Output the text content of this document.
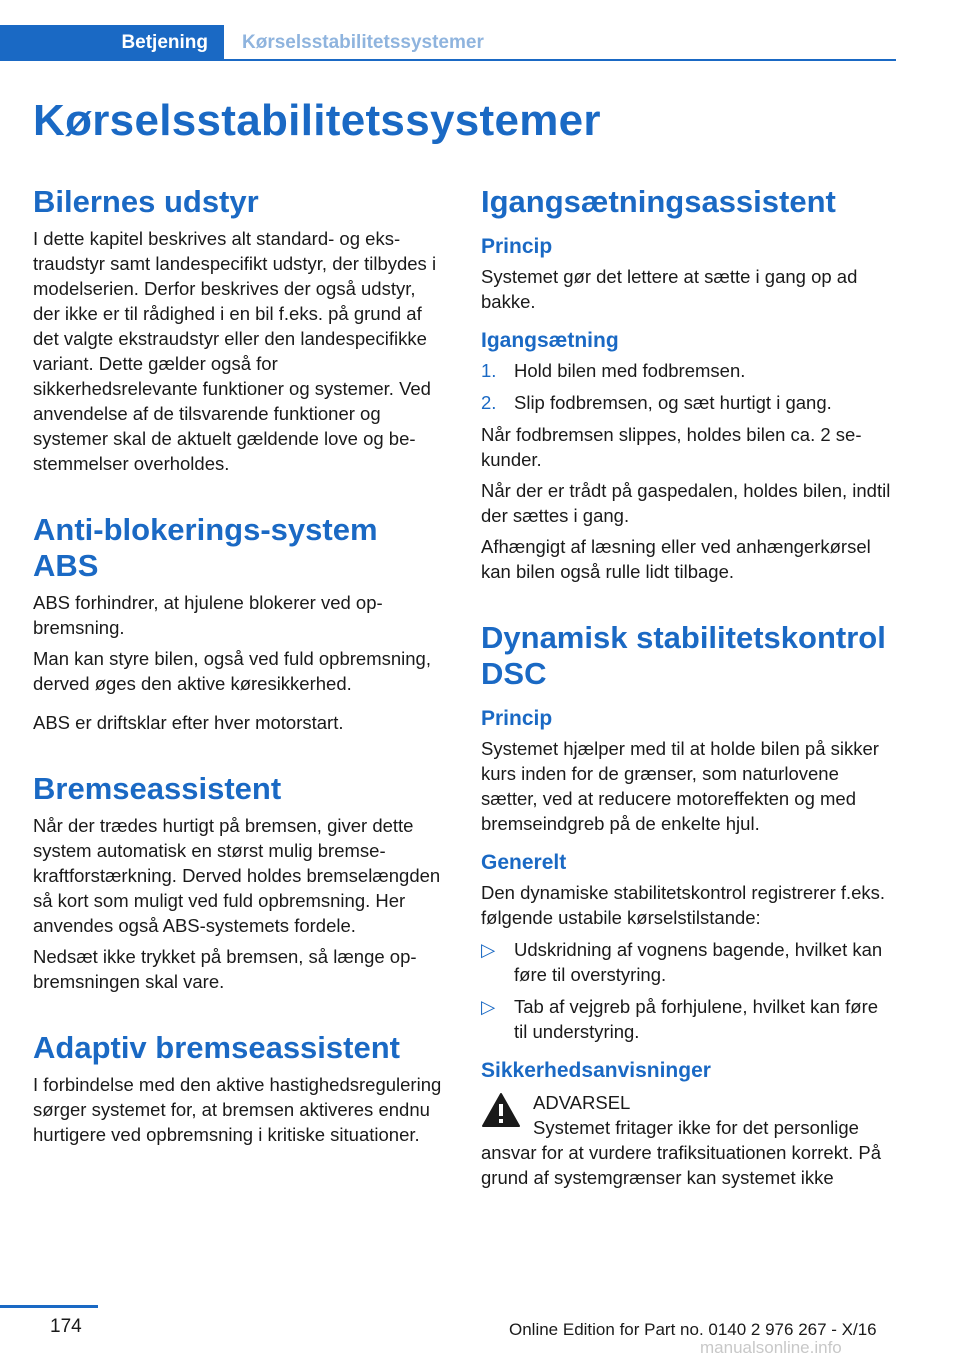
Betjening Kørselsstabilitetssystemer
Kørselsstabilitetssystemer
Bilernes udstyr

I dette kapitel beskrives alt standard- og ekstraudstyr samt landespecifikt udstyr, der tilbydes i modelserien. Derfor beskrives der også udstyr, der ikke er til rådighed i en bil f.eks. på grund af det valgte ekstraudstyr eller den landespecifikke variant. Dette gælder også for sikkerhedsrelevante funktioner og systemer. Ved anvendelse af de tilsvarende funktioner og systemer skal de aktuelt gældende love og bestemmelser overholdes.

Anti-blokerings-system ABS

ABS forhindrer, at hjulene blokerer ved opbremsning.

Man kan styre bilen, også ved fuld opbremsning, derved øges den aktive køresikkerhed.

ABS er driftsklar efter hver motorstart.

Bremseassistent

Når der trædes hurtigt på bremsen, giver dette system automatisk en størst mulig bremsekraftforstærkning. Derved holdes bremselængden så kort som muligt ved fuld opbremsning. Her anvendes også ABS-systemets fordele.

Nedsæt ikke trykket på bremsen, så længe opbremsningen skal vare.

Adaptiv bremseassistent

I forbindelse med den aktive hastighedsregulering sørger systemet for, at bremsen aktiveres endnu hurtigere ved opbremsning i kritiske situationer.

Igangsætningsassistent
Princip

Systemet gør det lettere at sætte i gang op ad bakke.

Igangsætning
1. Hold bilen med fodbremsen.
2. Slip fodbremsen, og sæt hurtigt i gang.

Når fodbremsen slippes, holdes bilen ca. 2 sekunder.

Når der er trådt på gaspedalen, holdes bilen, indtil der sættes i gang.

Afhængigt af læsning eller ved anhængerkørsel kan bilen også rulle lidt tilbage.

Dynamisk stabilitetskontrol DSC
Princip

Systemet hjælper med til at holde bilen på sikker kurs inden for de grænser, som naturlovene sætter, ved at reducere motoreffekten og med bremseindgreb på de enkelte hjul.

Generelt

Den dynamiske stabilitetskontrol registrerer f.eks. følgende ustabile kørselstilstande:

▷	Udskridning af vognens bagende, hvilket kan føre til overstyring.
▷	Tab af vejgreb på forhjulene, hvilket kan føre til understyring.
Sikkerhedsanvisninger

ADVARSEL

Systemet fritager ikke for det personlige

ansvar for at vurdere trafiksituationen korrekt. På grund af systemgrænser kan systemet ikke

174	Online Edition for Part no. 0140 2 976 267 - X/16
manualsonline.info
